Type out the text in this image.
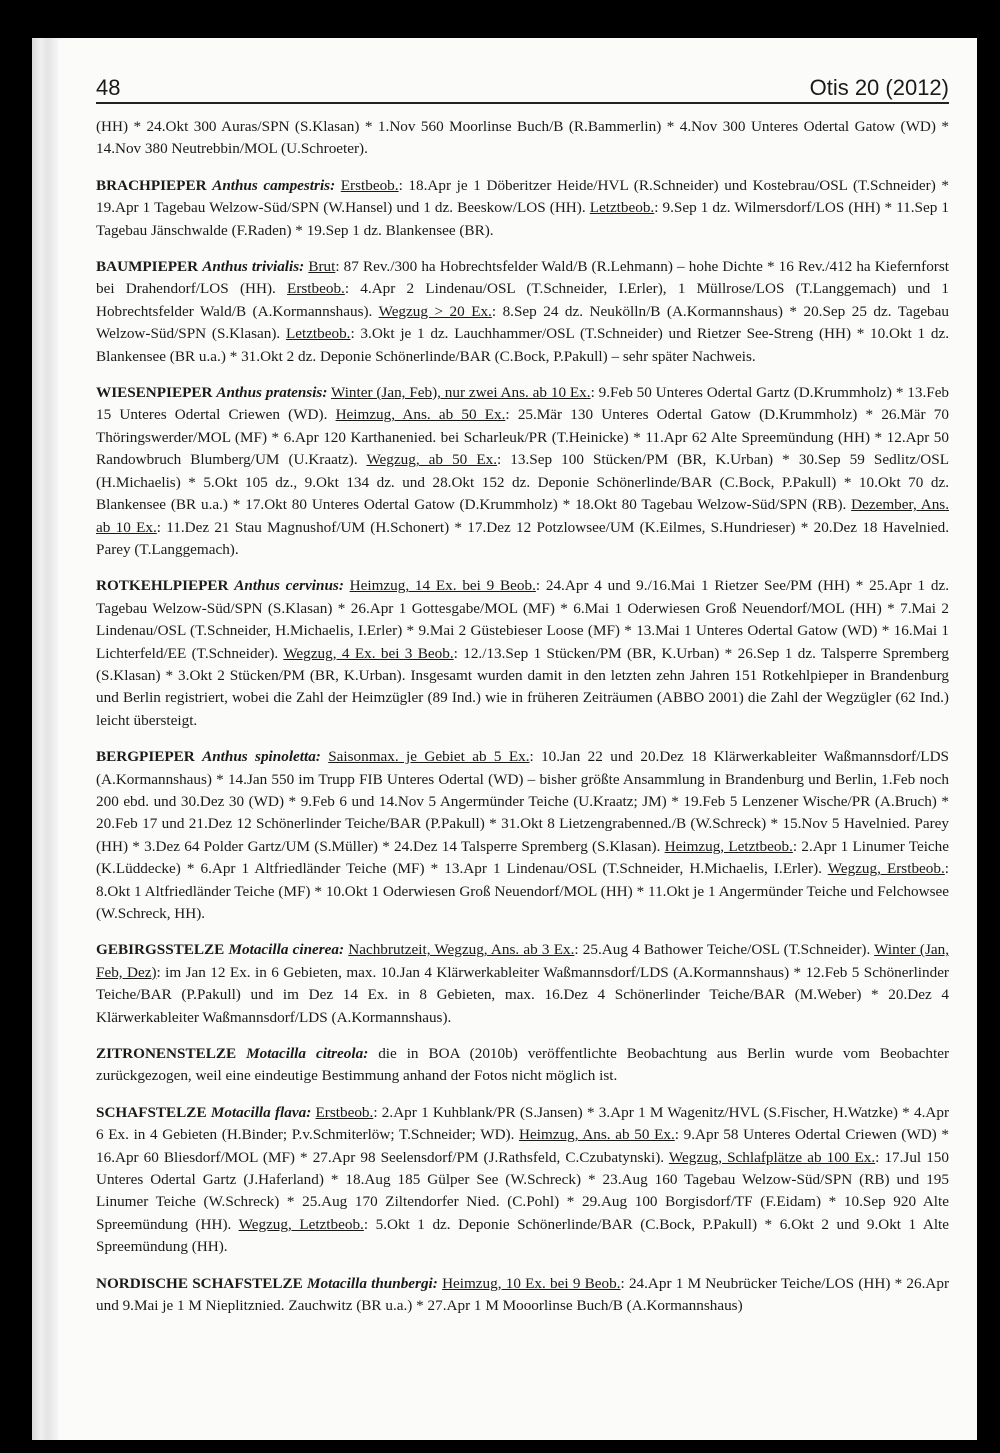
48	Otis 20 (2012)

(HH) * 24.Okt 300 Auras/SPN (S.Klasan) * 1.Nov 560 Moorlinse Buch/B (R.Bammerlin) * 4.Nov 300 Unteres Odertal Gatow (WD) * 14.Nov 380 Neutrebbin/MOL (U.Schroeter).

BRACHPIEPER Anthus campestris: Erstbeob.: 18.Apr je 1 Döberitzer Heide/HVL (R.Schneider) und Kostebrau/OSL (T.Schneider) * 19.Apr 1 Tagebau Welzow-Süd/SPN (W.Hansel) und 1 dz. Beeskow/LOS (HH). Letztbeob.: 9.Sep 1 dz. Wilmersdorf/LOS (HH) * 11.Sep 1 Tagebau Jänschwalde (F.Raden) * 19.Sep 1 dz. Blankensee (BR).

BAUMPIEPER Anthus trivialis: Brut: 87 Rev./300 ha Hobrechtsfelder Wald/B (R.Lehmann) – hohe Dichte * 16 Rev./412 ha Kiefernforst bei Drahendorf/LOS (HH). Erstbeob.: 4.Apr 2 Lindenau/OSL (T.Schneider, I.Erler), 1 Müllrose/LOS (T.Langgemach) und 1 Hobrechtsfelder Wald/B (A.Kormannshaus). Wegzug > 20 Ex.: 8.Sep 24 dz. Neukölln/B (A.Kormannshaus) * 20.Sep 25 dz. Tagebau Welzow-Süd/SPN (S.Klasan). Letztbeob.: 3.Okt je 1 dz. Lauchhammer/OSL (T.Schneider) und Rietzer See-Streng (HH) * 10.Okt 1 dz. Blankensee (BR u.a.) * 31.Okt 2 dz. Deponie Schönerlinde/BAR (C.Bock, P.Pakull) – sehr später Nachweis.

WIESENPIEPER Anthus pratensis: Winter (Jan, Feb), nur zwei Ans. ab 10 Ex.: 9.Feb 50 Unteres Odertal Gartz (D.Krummholz) * 13.Feb 15 Unteres Odertal Criewen (WD). Heimzug, Ans. ab 50 Ex.: 25.Mär 130 Unteres Odertal Gatow (D.Krummholz) * 26.Mär 70 Thöringswerder/MOL (MF) * 6.Apr 120 Karthanenied. bei Scharleuk/PR (T.Heinicke) * 11.Apr 62 Alte Spreemündung (HH) * 12.Apr 50 Randowbruch Blumberg/UM (U.Kraatz). Wegzug, ab 50 Ex.: 13.Sep 100 Stücken/PM (BR, K.Urban) * 30.Sep 59 Sedlitz/OSL (H.Michaelis) * 5.Okt 105 dz., 9.Okt 134 dz. und 28.Okt 152 dz. Deponie Schönerlinde/BAR (C.Bock, P.Pakull) * 10.Okt 70 dz. Blankensee (BR u.a.) * 17.Okt 80 Unteres Odertal Gatow (D.Krummholz) * 18.Okt 80 Tagebau Welzow-Süd/SPN (RB). Dezember, Ans. ab 10 Ex.: 11.Dez 21 Stau Magnushof/UM (H.Schonert) * 17.Dez 12 Potzlowsee/UM (K.Eilmes, S.Hundrieser) * 20.Dez 18 Havelnied. Parey (T.Langgemach).

ROTKEHLPIEPER Anthus cervinus: Heimzug, 14 Ex. bei 9 Beob.: 24.Apr 4 und 9./16.Mai 1 Rietzer See/PM (HH) * 25.Apr 1 dz. Tagebau Welzow-Süd/SPN (S.Klasan) * 26.Apr 1 Gottesgabe/MOL (MF) * 6.Mai 1 Oderwiesen Groß Neuendorf/MOL (HH) * 7.Mai 2 Lindenau/OSL (T.Schneider, H.Michaelis, I.Erler) * 9.Mai 2 Güstebieser Loose (MF) * 13.Mai 1 Unteres Odertal Gatow (WD) * 16.Mai 1 Lichterfeld/EE (T.Schneider). Wegzug, 4 Ex. bei 3 Beob.: 12./13.Sep 1 Stücken/PM (BR, K.Urban) * 26.Sep 1 dz. Talsperre Spremberg (S.Klasan) * 3.Okt 2 Stücken/PM (BR, K.Urban). Insgesamt wurden damit in den letzten zehn Jahren 151 Rotkehlpieper in Brandenburg und Berlin registriert, wobei die Zahl der Heimzügler (89 Ind.) wie in früheren Zeiträumen (ABBO 2001) die Zahl der Wegzügler (62 Ind.) leicht übersteigt.

BERGPIEPER Anthus spinoletta: Saisonmax. je Gebiet ab 5 Ex.: 10.Jan 22 und 20.Dez 18 Klärwerkableiter Waßmannsdorf/LDS (A.Kormannshaus) * 14.Jan 550 im Trupp FIB Unteres Odertal (WD) – bisher größte Ansammlung in Brandenburg und Berlin, 1.Feb noch 200 ebd. und 30.Dez 30 (WD) * 9.Feb 6 und 14.Nov 5 Angermünder Teiche (U.Kraatz; JM) * 19.Feb 5 Lenzener Wische/PR (A.Bruch) * 20.Feb 17 und 21.Dez 12 Schönerlinder Teiche/BAR (P.Pakull) * 31.Okt 8 Lietzengrabenned./B (W.Schreck) * 15.Nov 5 Havelnied. Parey (HH) * 3.Dez 64 Polder Gartz/UM (S.Müller) * 24.Dez 14 Talsperre Spremberg (S.Klasan). Heimzug, Letztbeob.: 2.Apr 1 Linumer Teiche (K.Lüddecke) * 6.Apr 1 Altfriedländer Teiche (MF) * 13.Apr 1 Lindenau/OSL (T.Schneider, H.Michaelis, I.Erler). Wegzug, Erstbeob.: 8.Okt 1 Altfriedländer Teiche (MF) * 10.Okt 1 Oderwiesen Groß Neuendorf/MOL (HH) * 11.Okt je 1 Angermünder Teiche und Felchowsee (W.Schreck, HH).

GEBIRGSSTELZE Motacilla cinerea: Nachbrutzeit, Wegzug, Ans. ab 3 Ex.: 25.Aug 4 Bathower Teiche/OSL (T.Schneider). Winter (Jan, Feb, Dez): im Jan 12 Ex. in 6 Gebieten, max. 10.Jan 4 Klärwerkableiter Waßmannsdorf/LDS (A.Kormannshaus) * 12.Feb 5 Schönerlinder Teiche/BAR (P.Pakull) und im Dez 14 Ex. in 8 Gebieten, max. 16.Dez 4 Schönerlinder Teiche/BAR (M.Weber) * 20.Dez 4 Klärwerkableiter Waßmannsdorf/LDS (A.Kormannshaus).

ZITRONENSTELZE Motacilla citreola: die in BOA (2010b) veröffentlichte Beobachtung aus Berlin wurde vom Beobachter zurückgezogen, weil eine eindeutige Bestimmung anhand der Fotos nicht möglich ist.

SCHAFSTELZE Motacilla flava: Erstbeob.: 2.Apr 1 Kuhblank/PR (S.Jansen) * 3.Apr 1 M Wagenitz/HVL (S.Fischer, H.Watzke) * 4.Apr 6 Ex. in 4 Gebieten (H.Binder; P.v.Schmiterlöw; T.Schneider; WD). Heimzug, Ans. ab 50 Ex.: 9.Apr 58 Unteres Odertal Criewen (WD) * 16.Apr 60 Bliesdorf/MOL (MF) * 27.Apr 98 Seelensdorf/PM (J.Rathsfeld, C.Czubatynski). Wegzug, Schlafplätze ab 100 Ex.: 17.Jul 150 Unteres Odertal Gartz (J.Haferland) * 18.Aug 185 Gülper See (W.Schreck) * 23.Aug 160 Tagebau Welzow-Süd/SPN (RB) und 195 Linumer Teiche (W.Schreck) * 25.Aug 170 Ziltendorfer Nied. (C.Pohl) * 29.Aug 100 Borgisdorf/TF (F.Eidam) * 10.Sep 920 Alte Spreemündung (HH). Wegzug, Letztbeob.: 5.Okt 1 dz. Deponie Schönerlinde/BAR (C.Bock, P.Pakull) * 6.Okt 2 und 9.Okt 1 Alte Spreemündung (HH).

NORDISCHE SCHAFSTELZE Motacilla thunbergi: Heimzug, 10 Ex. bei 9 Beob.: 24.Apr 1 M Neubrücker Teiche/LOS (HH) * 26.Apr und 9.Mai je 1 M Nieplitznied. Zauchwitz (BR u.a.) * 27.Apr 1 M Mooorlinse Buch/B (A.Kormannshaus)
